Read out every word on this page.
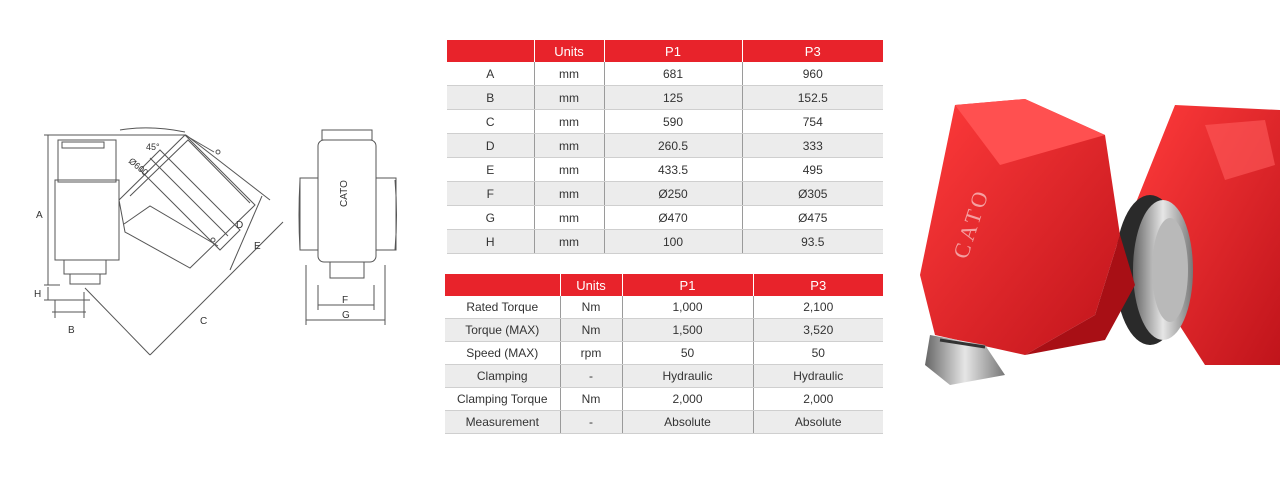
A
B
C
D
E
H
F
G
45°
Ø600
CATO
	Units	P1	P3
A	mm	681	960
B	mm	125	152.5
C	mm	590	754
D	mm	260.5	333
E	mm	433.5	495
F	mm	Ø250	Ø305
G	mm	Ø470	Ø475
H	mm	100	93.5
	Units	P1	P3
Rated Torque	Nm	1,000	2,100
Torque (MAX)	Nm	1,500	3,520
Speed (MAX)	rpm	50	50
Clamping	-	Hydraulic	Hydraulic
Clamping Torque	Nm	2,000	2,000
Measurement	-	Absolute	Absolute
CATO
